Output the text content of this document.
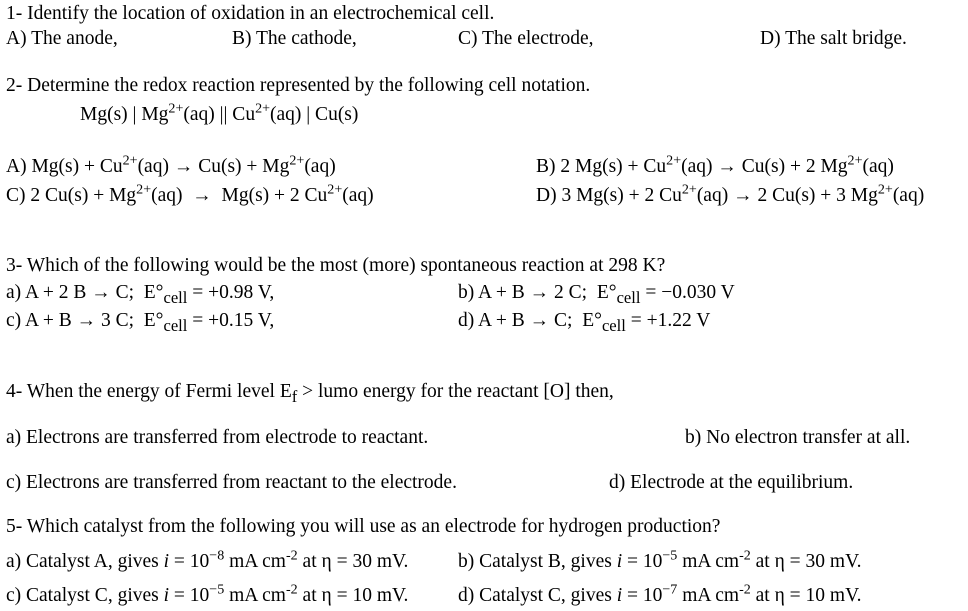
1- Identify the location of oxidation in an electrochemical cell.
A) The anode,	B) The cathode,	C) The electrode,	D) The salt bridge.
2- Determine the redox reaction represented by the following cell notation.
Mg(s) | $Mg^{2+}(aq)$ || $Cu^{2+}(aq)$ | Cu(s)
A) $Mg(s) + Cu^{2+}(aq) \to Cu(s) + Mg^{2+}(aq)$	B) 2 $Mg(s) + Cu^{2+}(aq) \to Cu(s) + 2$ $Mg^{2+}(aq)$
C) 2 $Cu(s) + Mg^{2+}(aq) \to Mg(s) + 2$ $Cu^{2+}(aq)$	D) 3 Mg(s) + 2 $Cu^{2+}(aq) \to 2$ Cu(s) + 3 $Mg^{2+}(aq)$
3- Which of the following would be the most (more) spontaneous reaction at 298 K?
a) A + 2 B → C;  $E^\circ_{cell} = +0.98$ V,	b) A + B → 2 C;  $E^\circ_{cell} = -0.030$ V
c) A + B → 3 C;  $E^\circ_{cell} = +0.15$ V,	d) A + B → C;  $E^\circ_{cell} = +1.22$ V
4- When the energy of Fermi level $E_f$ > lumo energy for the reactant [O] then,
a) Electrons are transferred from electrode to reactant.	b) No electron transfer at all.
c) Electrons are transferred from reactant to the electrode.	d) Electrode at the equilibrium.
5- Which catalyst from the following you will use as an electrode for hydrogen production?
a) Catalyst A, gives $i = 10^{-8}$ mA $cm^{-2}$ at η = 30 mV.	b) Catalyst B, gives $i = 10^{-5}$ mA $cm^{-2}$ at η = 30 mV.
c) Catalyst C, gives $i = 10^{-5}$ mA $cm^{-2}$ at η = 10 mV.	d) Catalyst C, gives $i = 10^{-7}$ mA $cm^{-2}$ at η = 10 mV.
